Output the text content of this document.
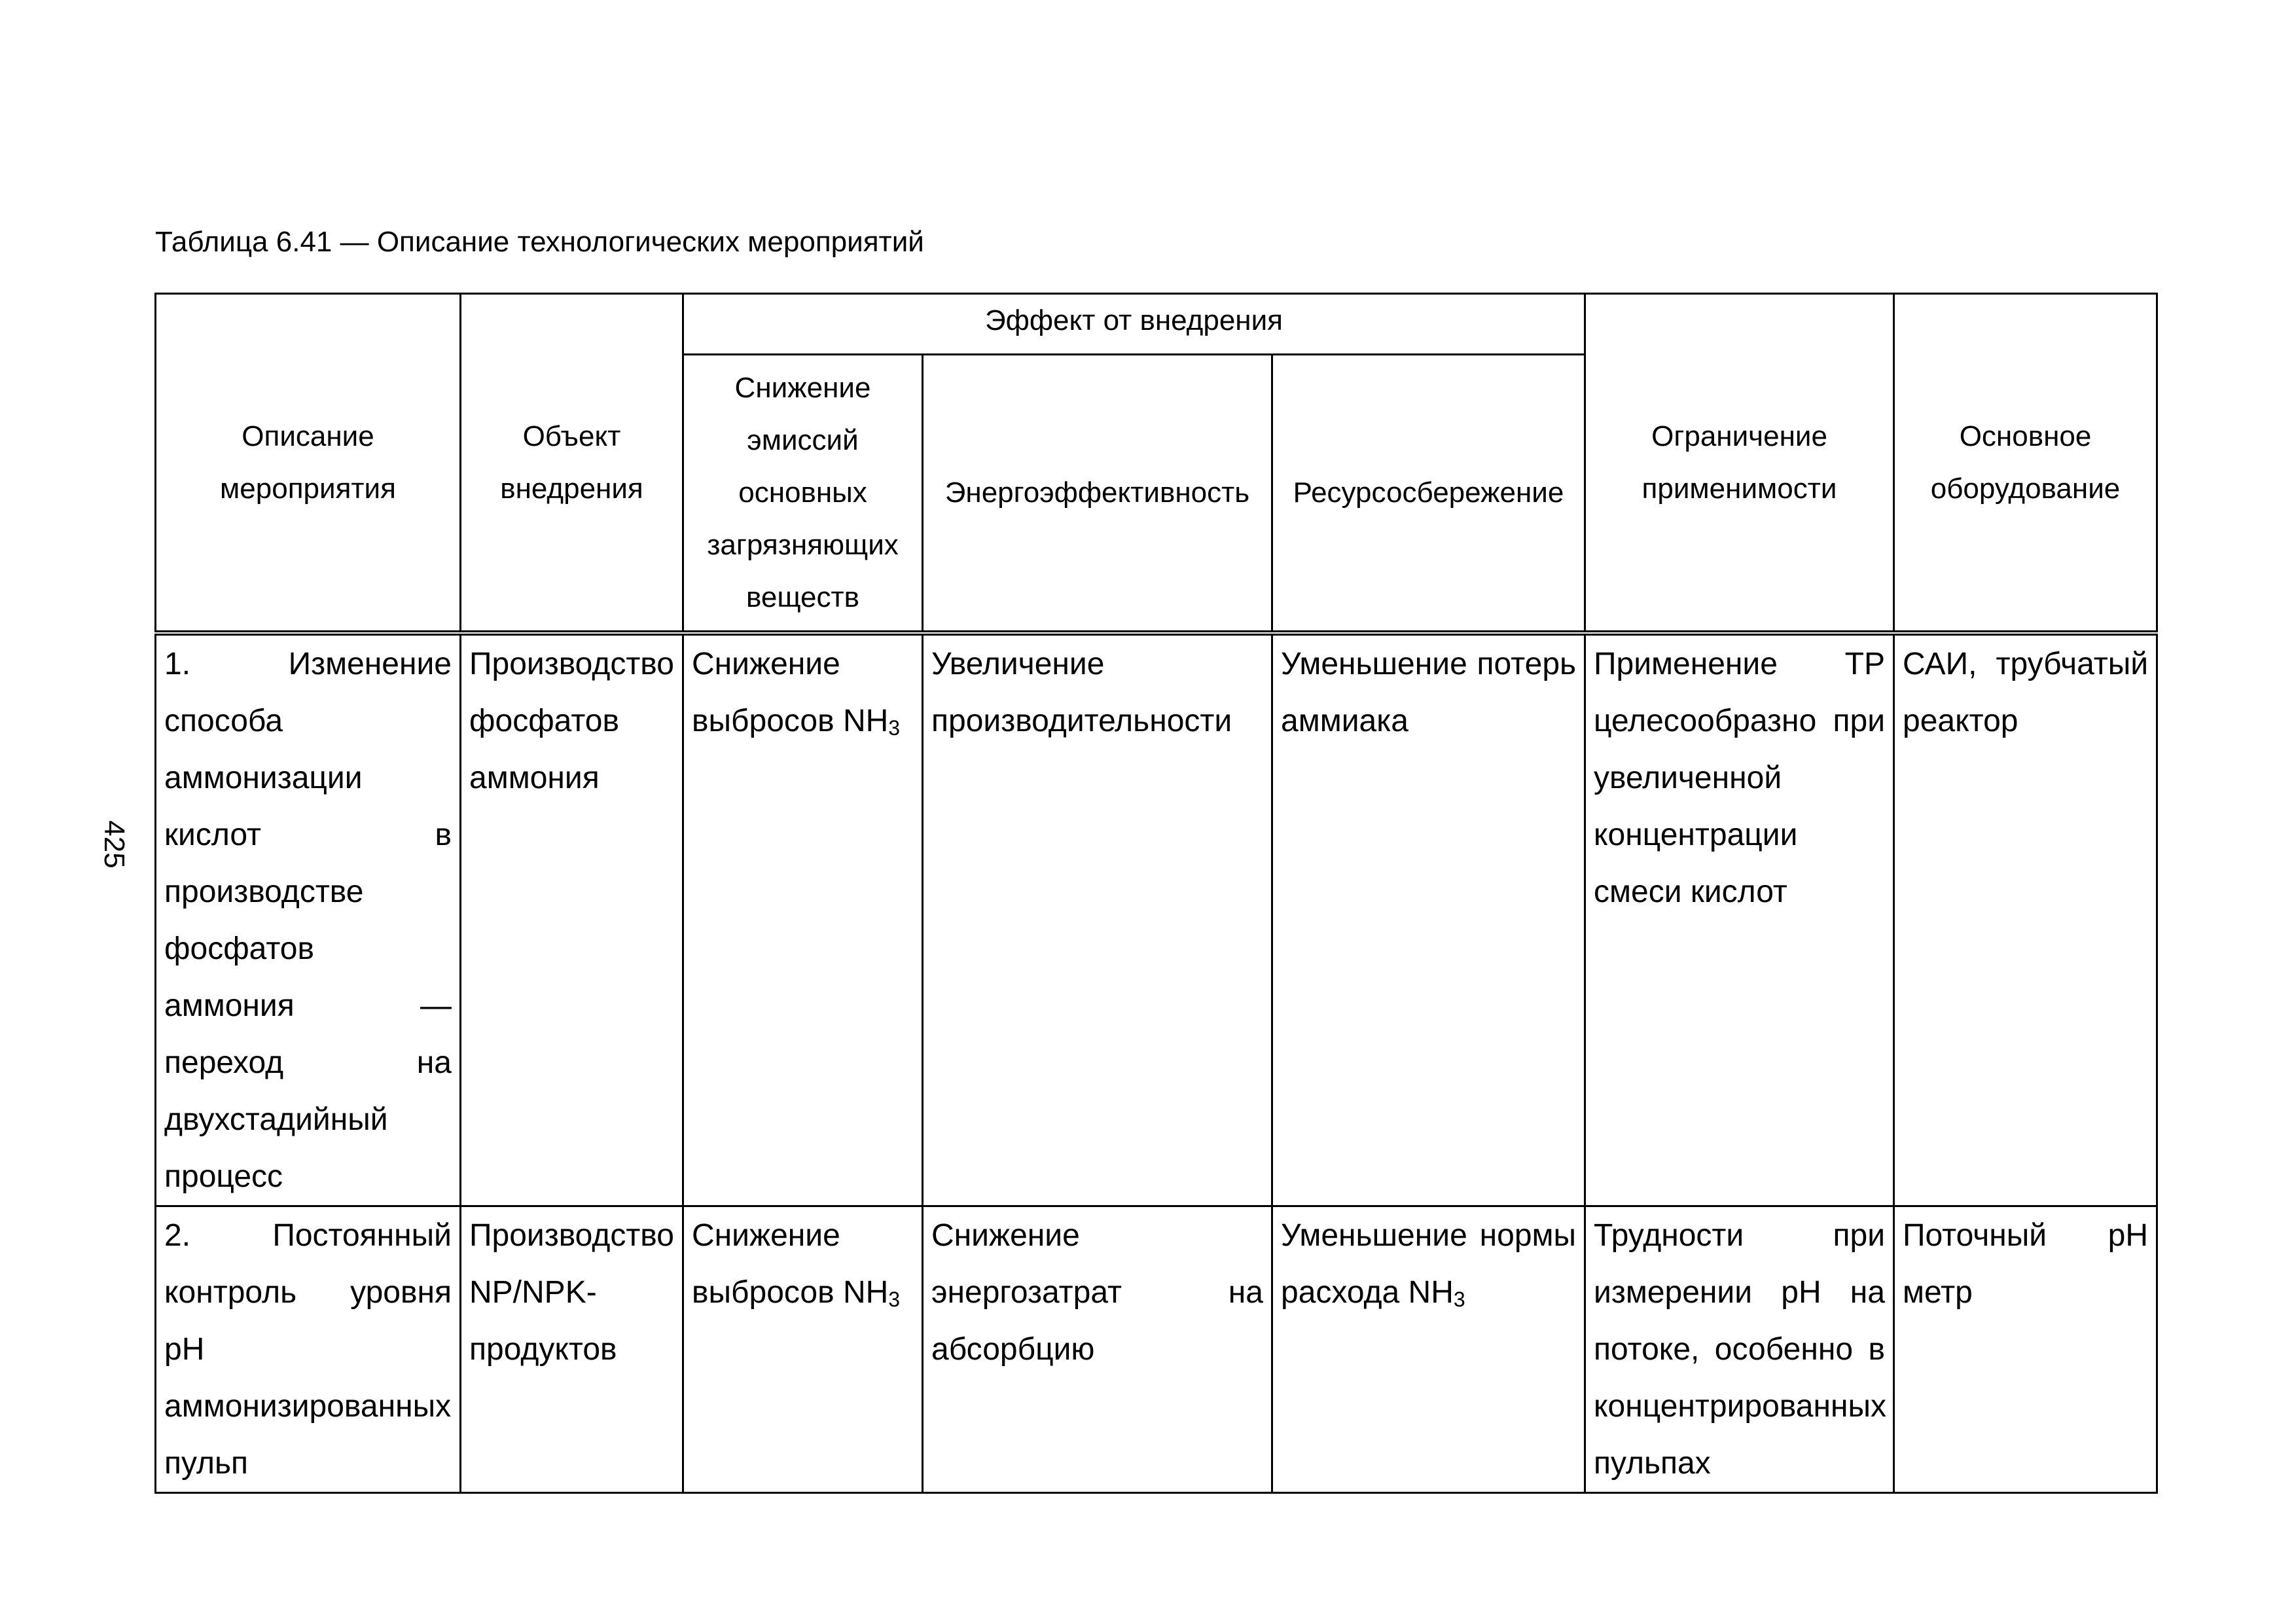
Таблица 6.41 — Описание технологических мероприятий
425
Описание мероприятия	Объект внедрения	Эффект от внедрения			Ограничение применимости	Основное оборудование
		Снижение эмиссий основных загрязняющих веществ	Энергоэффективность	Ресурсосбережение		
1. Изменение способа аммонизации кислот в производстве фосфатов аммония — переход на двухстадийный процесс	Производство фосфатов аммония	Снижение выбросов $NH_3$	Увеличение производительности	Уменьшение потерь аммиака	Применение ТР целесообразно при увеличенной концентрации смеси кислот	САИ, трубчатый реактор
2. Постоянный контроль уровня pH аммонизированных пульп	Производство NP/NPK-продуктов	Снижение выбросов $NH_3$	Снижение энергозатрат на абсорбцию	Уменьшение нормы расхода $NH_3$	Трудности при измерении pH на потоке, особенно в концентрированных пульпах	Поточный pH метр
